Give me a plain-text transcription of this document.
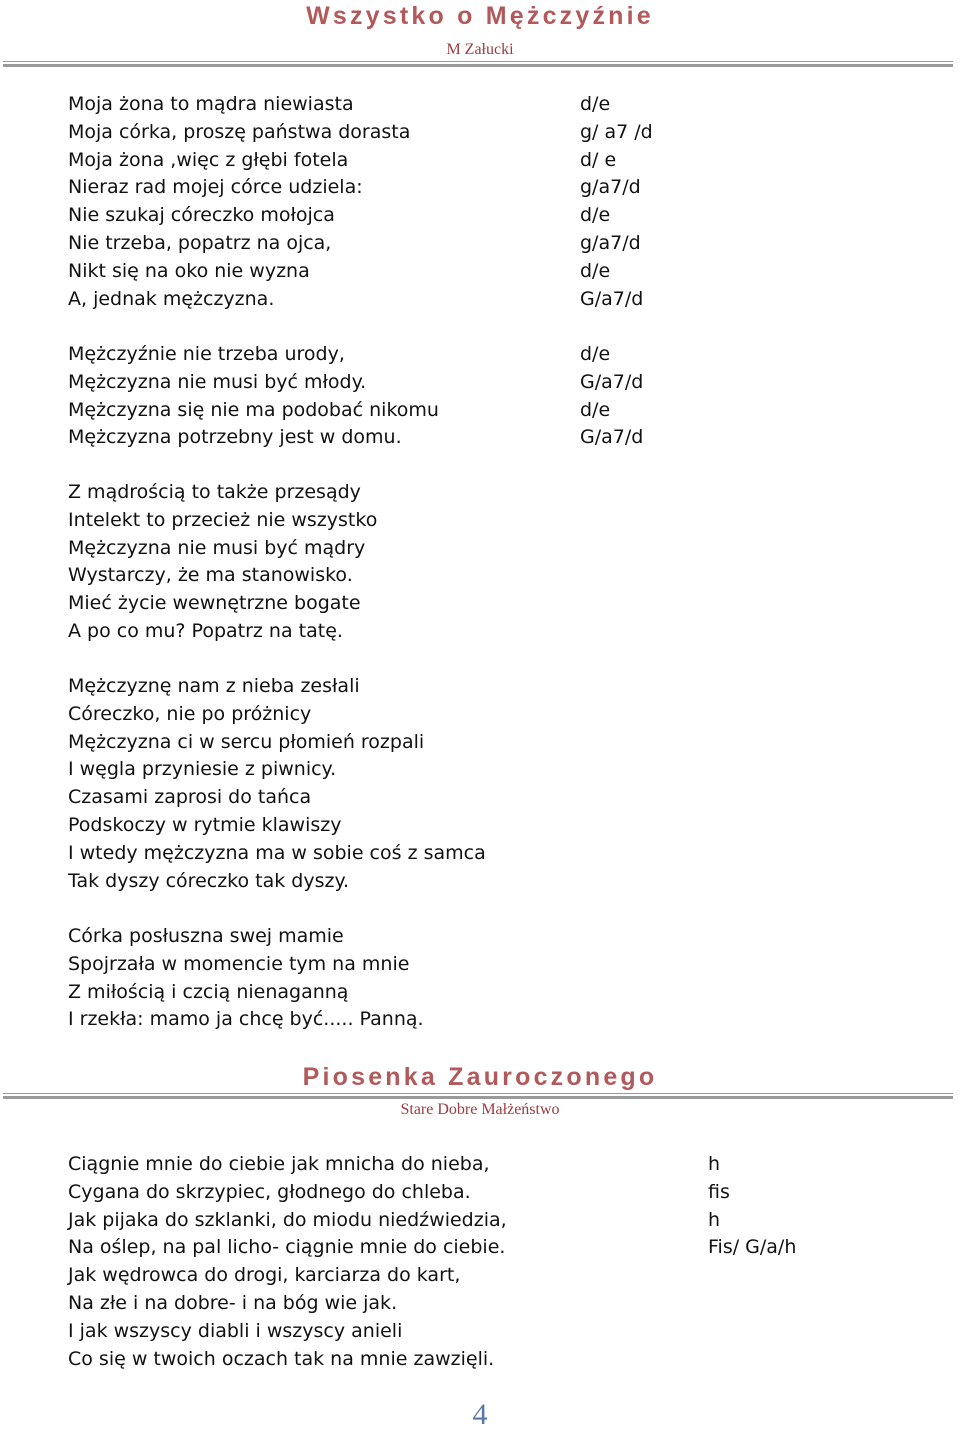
Wszystko o Mężczyźnie
M Załucki
Moja żona to mądra niewiasta	d/e
Moja córka, proszę państwa dorasta	g/ a7 /d
Moja żona ,więc z głębi fotela	d/ e
Nieraz rad mojej córce udziela:	g/a7/d
Nie szukaj córeczko mołojca	d/e
Nie trzeba, popatrz na ojca,	g/a7/d
Nikt się na oko nie wyzna	d/e
A, jednak mężczyzna.	G/a7/d
Mężczyźnie nie trzeba urody,	d/e
Mężczyzna nie musi być młody.	G/a7/d
Mężczyzna się nie ma podobać nikomu	d/e
Mężczyzna potrzebny jest w domu.	G/a7/d
Z mądrością to także przesądy
Intelekt to przecież nie wszystko
Mężczyzna nie musi być mądry
Wystarczy, że ma stanowisko.
Mieć życie wewnętrzne bogate
A po co mu? Popatrz na tatę.
Mężczyznę nam z nieba zesłali
Córeczko, nie po próżnicy
Mężczyzna ci w sercu płomień rozpali
I węgla przyniesie z piwnicy.
Czasami zaprosi do tańca
Podskoczy w rytmie klawiszy
I wtedy mężczyzna ma w sobie coś z samca
Tak dyszy córeczko tak dyszy.
Córka posłuszna swej mamie
Spojrzała w momencie tym na mnie
Z miłością i czcią nienaganną
I rzekła: mamo ja chcę być..... Panną.
Piosenka Zauroczonego
Stare Dobre Małżeństwo
Ciągnie mnie do ciebie jak mnicha do nieba,	h
Cygana do skrzypiec, głodnego do chleba.	fis
Jak pijaka do szklanki, do miodu niedźwiedzia,	h
Na oślep, na pal licho- ciągnie mnie do ciebie.	Fis/ G/a/h
Jak wędrowca do drogi, karciarza do kart,
Na złe i na dobre- i na bóg wie jak.
I jak wszyscy diabli i wszyscy anieli
Co się w twoich oczach tak na mnie zawzięli.
4
